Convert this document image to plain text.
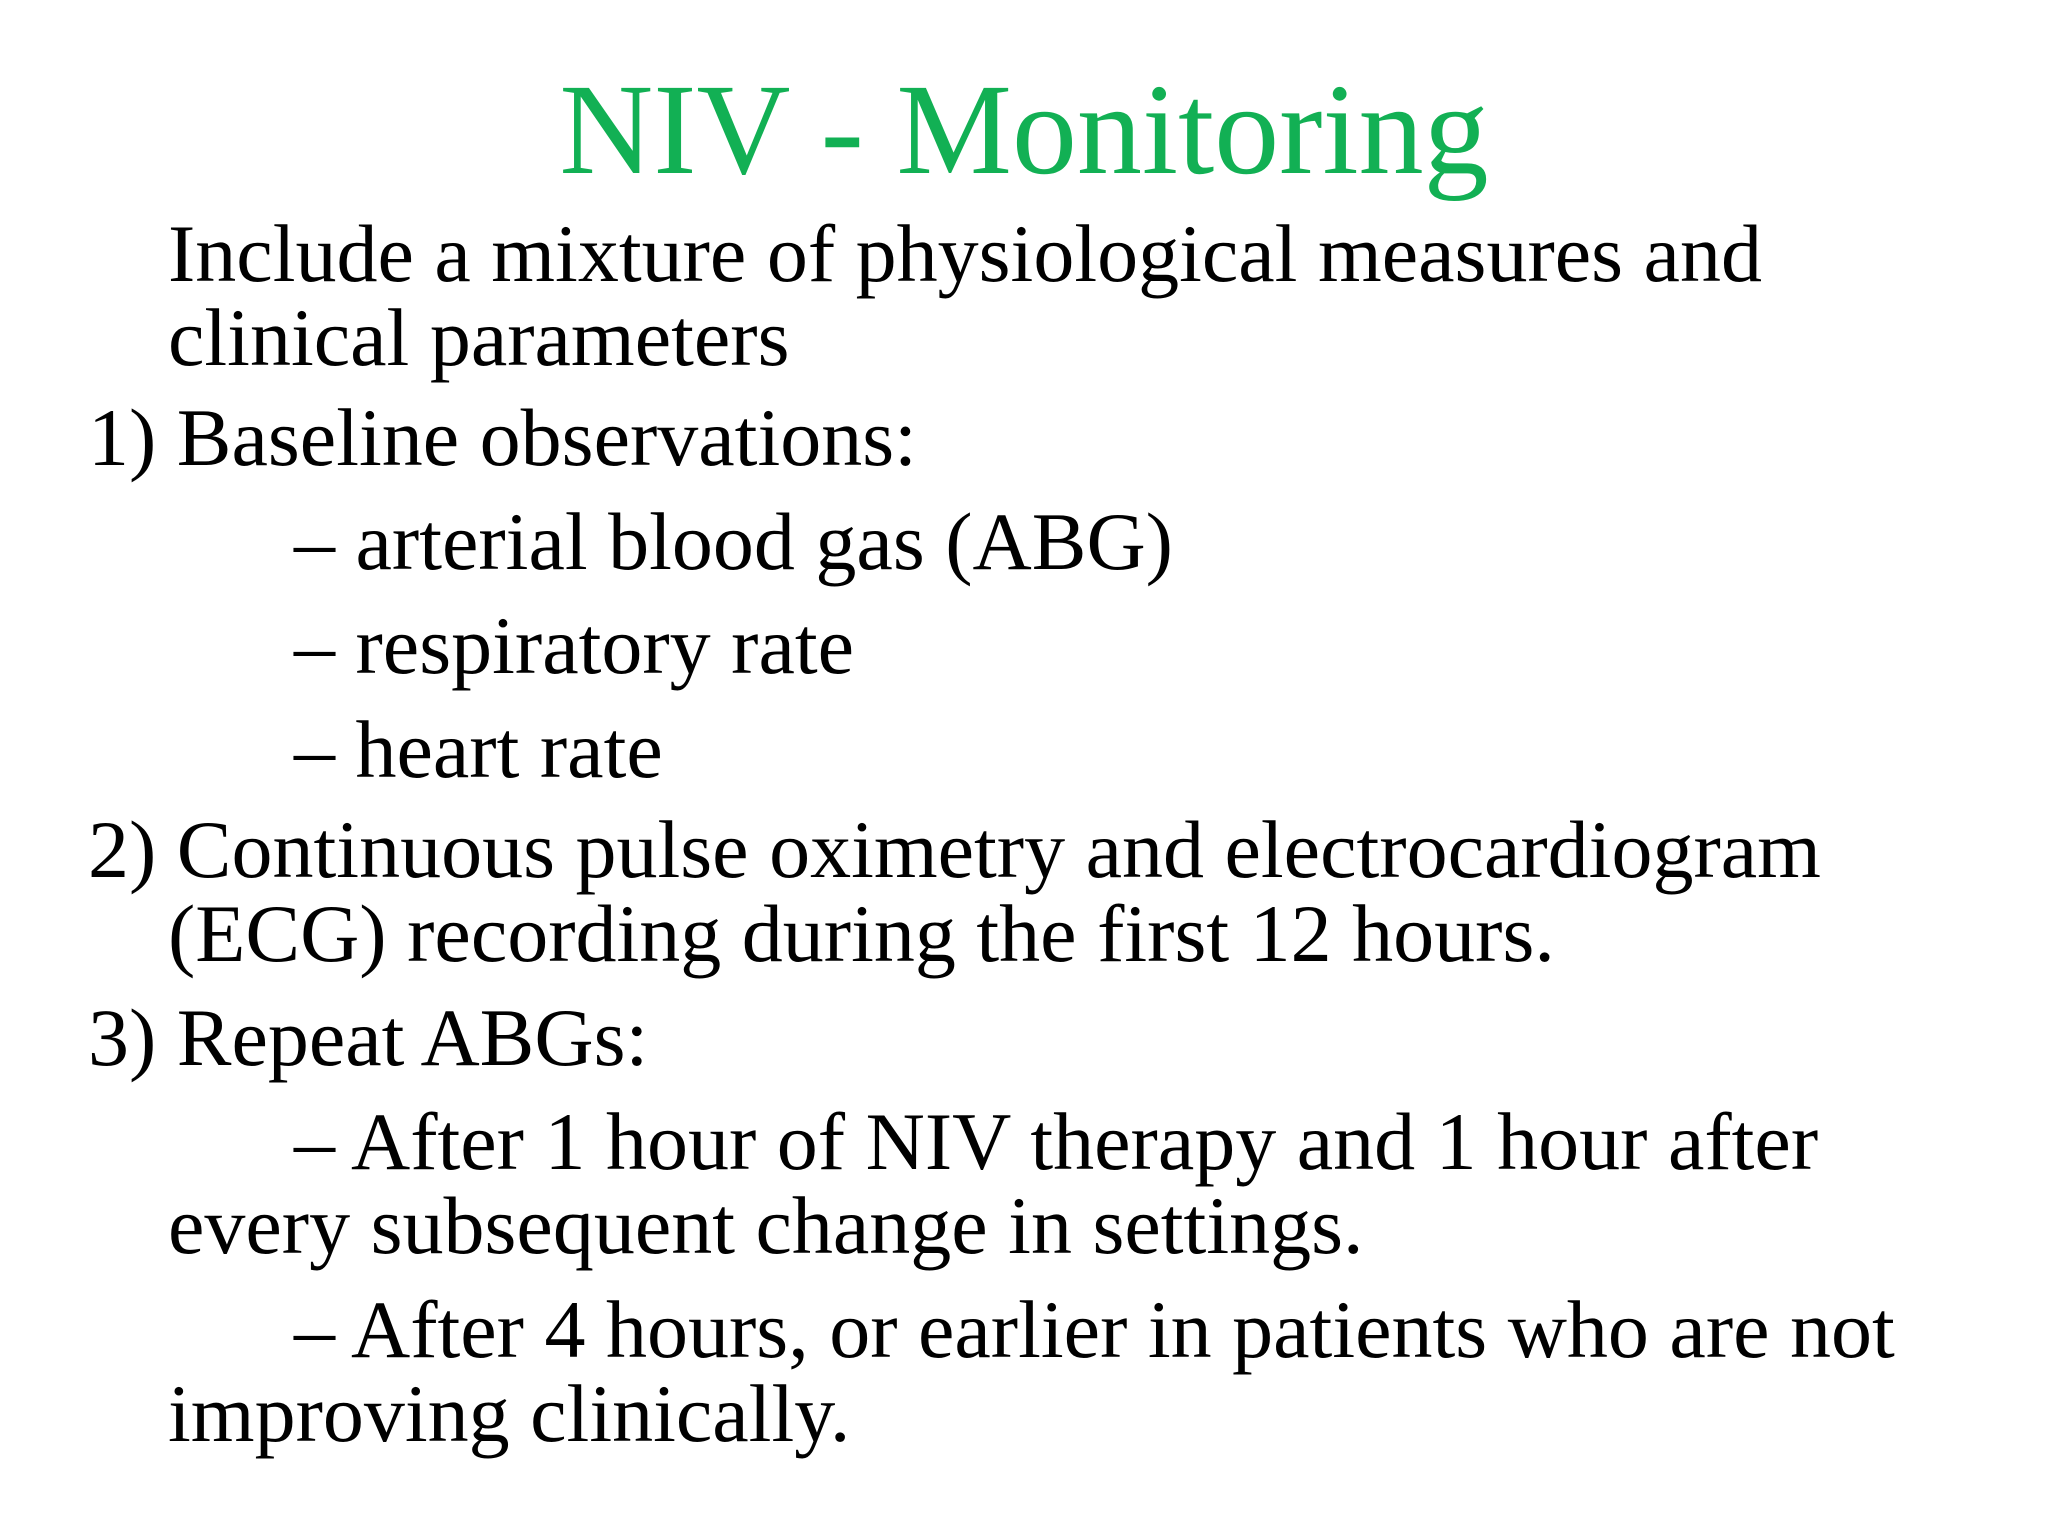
NIV - Monitoring
Include a mixture of physiological measures and
clinical parameters
1) Baseline observations:
– arterial blood gas (ABG)
– respiratory rate
– heart rate
2) Continuous pulse oximetry and electrocardiogram
(ECG) recording during the first 12 hours.
3) Repeat ABGs:
– After 1 hour of NIV therapy and 1 hour after
every subsequent change in settings.
– After 4 hours, or earlier in patients who are not
improving clinically.
